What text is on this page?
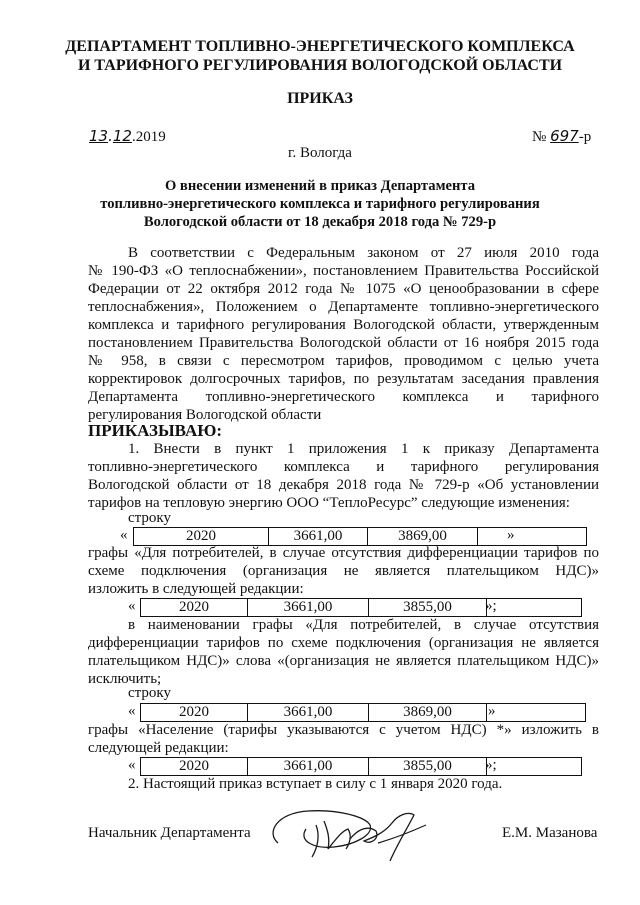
ДЕПАРТАМЕНТ ТОПЛИВНО-ЭНЕРГЕТИЧЕСКОГО КОМПЛЕКСА
И ТАРИФНОГО РЕГУЛИРОВАНИЯ ВОЛОГОДСКОЙ ОБЛАСТИ
ПРИКАЗ
13.12.2019	№ 697-р
г. Вологда
О внесении изменений в приказ Департамента
топливно-энергетического комплекса и тарифного регулирования
Вологодской области от 18 декабря 2018 года № 729-р
В соответствии с Федеральным законом от 27 июля 2010 года
№ 190-ФЗ «О теплоснабжении», постановлением Правительства Российской
Федерации от 22 октября 2012 года № 1075 «О ценообразовании в сфере
теплоснабжения», Положением о Департаменте топливно-энергетического
комплекса и тарифного регулирования Вологодской области, утвержденным
постановлением Правительства Вологодской области от 16 ноября 2015 года
№ 958, в связи с пересмотром тарифов, проводимом с целью учета
корректировок долгосрочных тарифов, по результатам заседания правления
Департамента топливно-энергетического комплекса и тарифного
регулирования Вологодской области
ПРИКАЗЫВАЮ:
1. Внести в пункт 1 приложения 1 к приказу Департамента
топливно-энергетического комплекса и тарифного регулирования
Вологодской области от 18 декабря 2018 года № 729-р «Об установлении
тарифов на тепловую энергию ООО “ТеплоРесурс” следующие изменения:
строку
«	2020	3661,00	3869,00		»
графы «Для потребителей, в случае отсутствия дифференциации тарифов по
схеме подключения (организация не является плательщиком НДС)»
изложить в следующей редакции:
«	2020	3661,00	3855,00	»;
в наименовании графы «Для потребителей, в случае отсутствия
дифференциации тарифов по схеме подключения (организация не является
плательщиком НДС)» слова «(организация не является плательщиком НДС)»
исключить;
строку
«	2020	3661,00	3869,00	»
графы «Население (тарифы указываются с учетом НДС) *» изложить в
следующей редакции:
«	2020	3661,00	3855,00	»;
2. Настоящий приказ вступает в силу с 1 января 2020 года.
Начальник Департамента	Е.М. Мазанова
